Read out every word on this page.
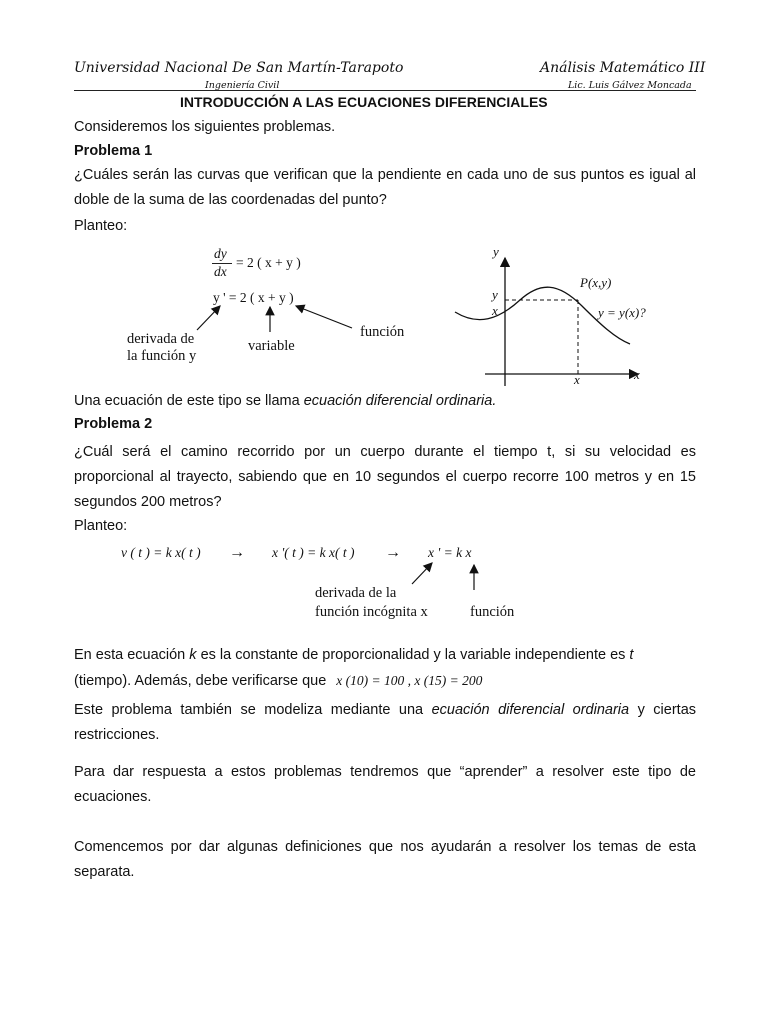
Universidad Nacional De San Martín-Tarapoto	Análisis Matemático III
Ingeniería Civil	Lic. Luis Gálvez Moncada
INTRODUCCIÓN A LAS ECUACIONES DIFERENCIALES
Consideremos los siguientes problemas.
Problema 1
¿Cuáles serán las curvas que verifican que la pendiente en cada uno de sus puntos es igual al doble de la suma de las coordenadas del punto?
Planteo:
dy
dx
= 2 ( x + y )
y ' = 2 ( x + y )
derivada de
la función y
variable
función
y
x
y
x
x
P(x,y)
y = y(x)?
Una ecuación de este tipo se llama ecuación diferencial ordinaria.
Problema 2
¿Cuál será el camino recorrido por un cuerpo durante el tiempo t, si su velocidad es proporcional al trayecto, sabiendo que en 10 segundos el cuerpo recorre 100 metros y en 15 segundos 200 metros?
Planteo:
v ( t ) = k x( t ) → x '( t ) = k x( t ) → x ' = k x
derivada de la
función incógnita x	función
En esta ecuación k es la constante de proporcionalidad y la variable independiente es t
(tiempo). Además, debe verificarse que x (10) = 100 , x (15) = 200
Este problema también se modeliza mediante una ecuación diferencial ordinaria y ciertas restricciones.
Para dar respuesta a estos problemas tendremos que “aprender” a resolver este tipo de ecuaciones.
Comencemos por dar algunas definiciones que nos ayudarán a resolver los temas de esta separata.
